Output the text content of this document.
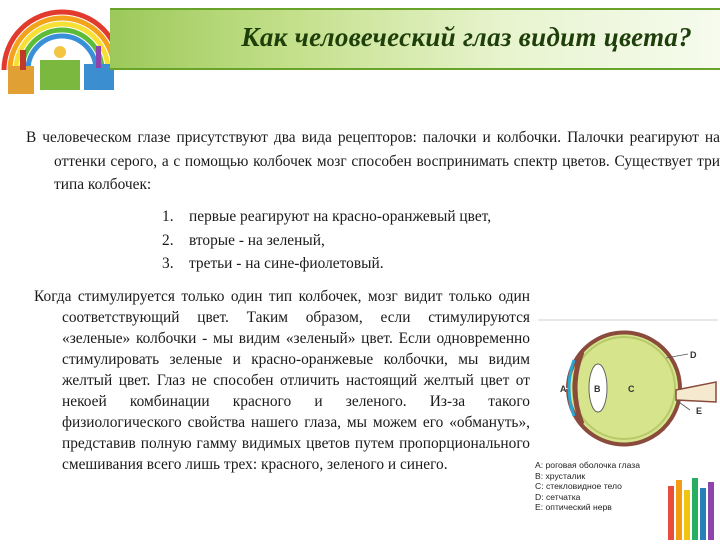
Как человеческий глаз видит цвета?

В человеческом глазе присутствуют два вида рецепторов: палочки и колбочки. Палочки реагируют на оттенки серого, а с помощью колбочек мозг способен воспринимать спектр цветов. Существует три типа колбочек:

1.	первые реагируют на красно-оранжевый цвет,
2.	вторые - на зеленый,
3.	третьи - на сине-фиолетовый.

Когда стимулируется только один тип колбочек, мозг видит только один соответствующий цвет. Таким образом, если стимулируются «зеленые» колбочки - мы видим «зеленый» цвет. Если одновременно стимулировать зеленые и красно-оранжевые колбочки, мы видим желтый цвет. Глаз не способен отличить настоящий желтый цвет от некоей комбинации красного и зеленого. Из-за такого физиологического свойства нашего глаза, мы можем его «обмануть», представив полную гамму видимых цветов путем пропорционального смешивания всего лишь трех: красного, зеленого и синего.

A	B	C
D
E
A: роговая оболочка глаза
B: хрусталик
C: стекловидное тело
D: сетчатка
E: оптический нерв
